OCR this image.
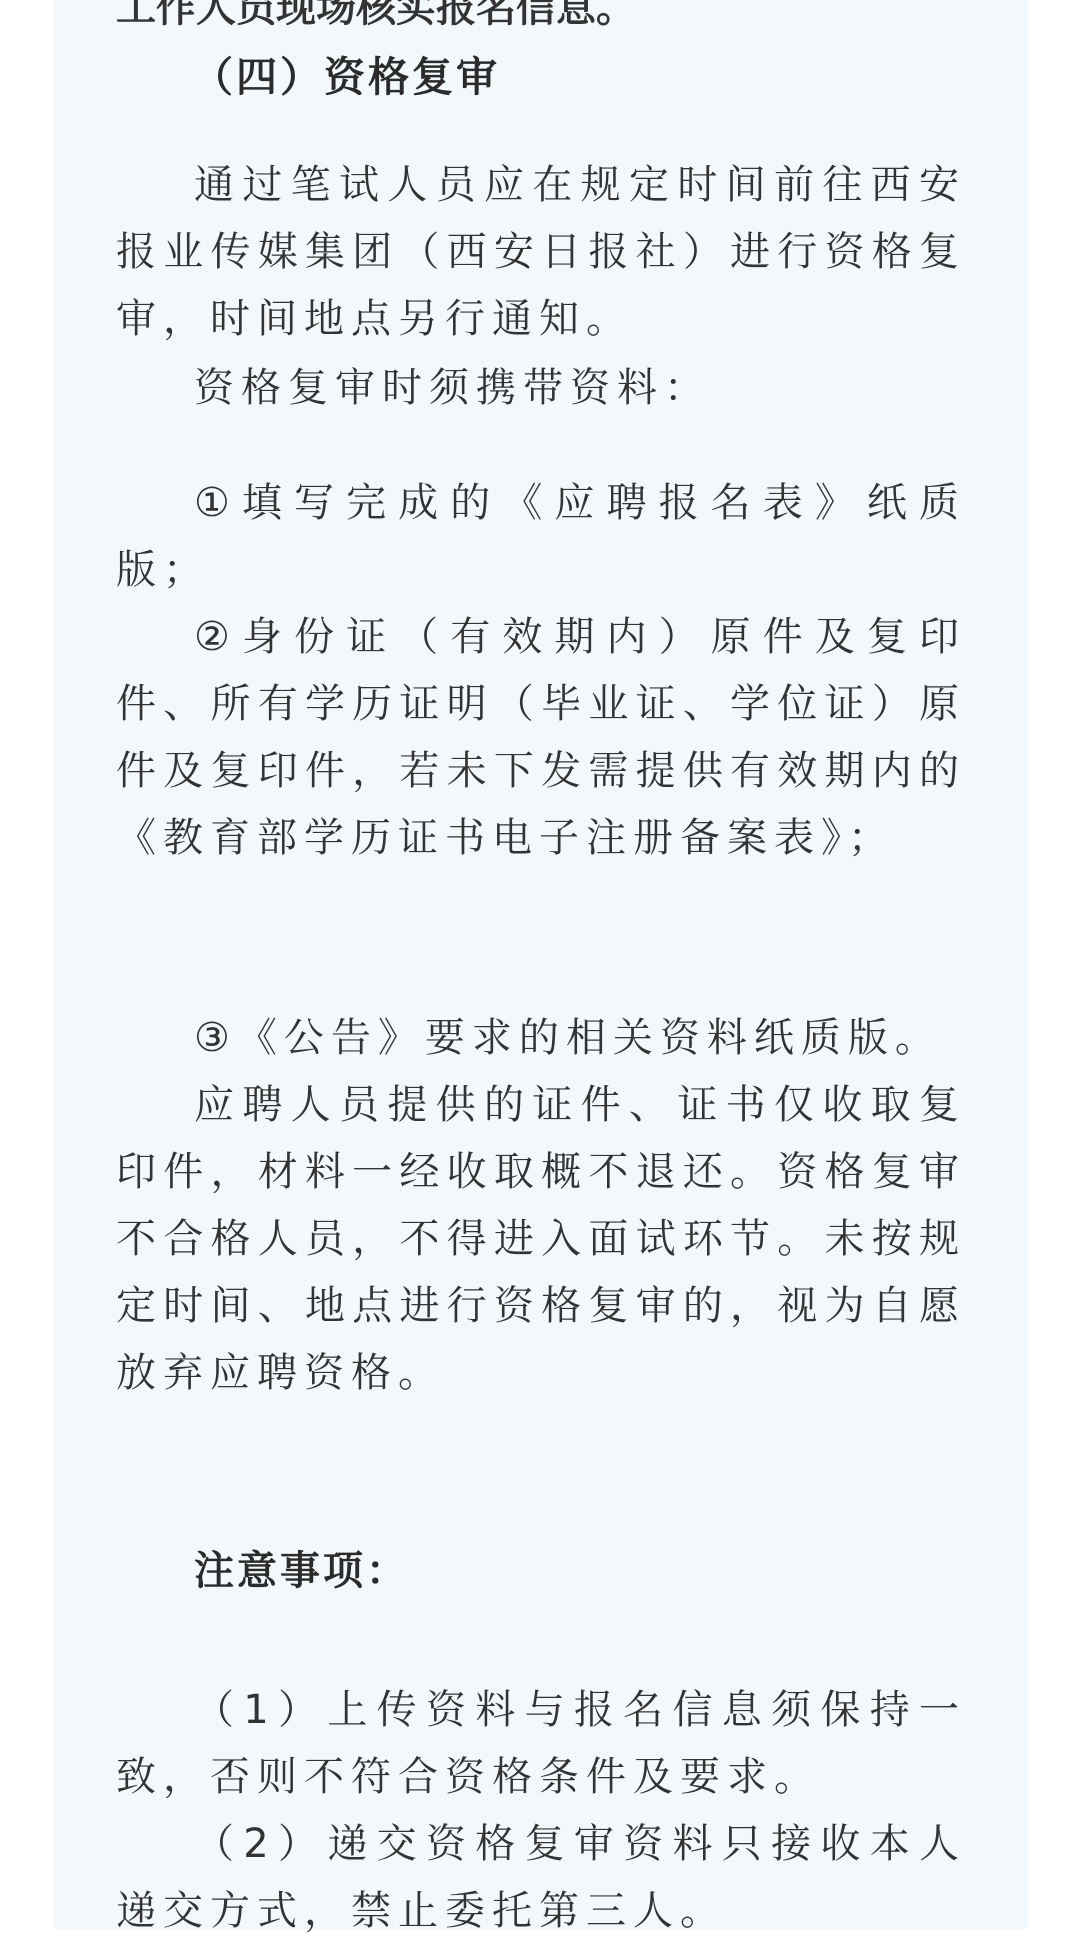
（四）资格复审

通过笔试人员应在规定时间前往西安报业传媒集团（西安日报社）进行资格复审，时间地点另行通知。

资格复审时须携带资料：

①填写完成的《应聘报名表》纸质版；

②身份证（有效期内）原件及复印件、所有学历证明（毕业证、学位证）原件及复印件，若未下发需提供有效期内的《教育部学历证书电子注册备案表》；

③《公告》要求的相关资料纸质版。

应聘人员提供的证件、证书仅收取复印件，材料一经收取概不退还。资格复审不合格人员，不得进入面试环节。未按规定时间、地点进行资格复审的，视为自愿放弃应聘资格。

注意事项：

（1）上传资料与报名信息须保持一致，否则不符合资格条件及要求。

（2）递交资格复审资料只接收本人递交方式，禁止委托第三人。
